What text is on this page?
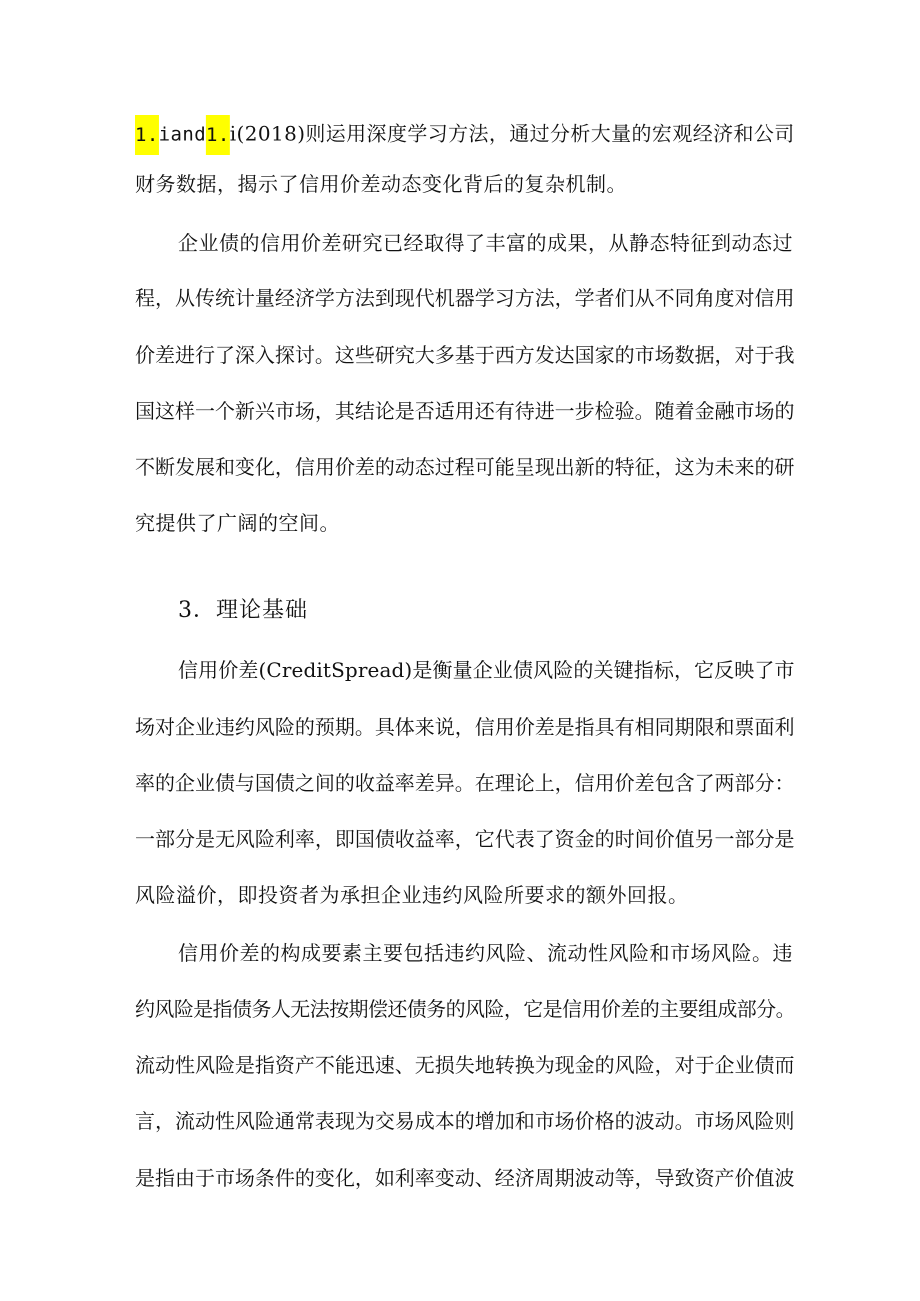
1.iand1.i(2018)则运用深度学习方法，通过分析大量的宏观经济和公司
财务数据，揭示了信用价差动态变化背后的复杂机制。
企业债的信用价差研究已经取得了丰富的成果，从静态特征到动态过
程，从传统计量经济学方法到现代机器学习方法，学者们从不同角度对信用
价差进行了深入探讨。这些研究大多基于西方发达国家的市场数据，对于我
国这样一个新兴市场，其结论是否适用还有待进一步检验。随着金融市场的
不断发展和变化，信用价差的动态过程可能呈现出新的特征，这为未来的研
究提供了广阔的空间。
3．理论基础
信用价差(CreditSpread)是衡量企业债风险的关键指标，它反映了市
场对企业违约风险的预期。具体来说，信用价差是指具有相同期限和票面利
率的企业债与国债之间的收益率差异。在理论上，信用价差包含了两部分：
一部分是无风险利率，即国债收益率，它代表了资金的时间价值另一部分是
风险溢价，即投资者为承担企业违约风险所要求的额外回报。
信用价差的构成要素主要包括违约风险、流动性风险和市场风险。违
约风险是指债务人无法按期偿还债务的风险，它是信用价差的主要组成部分。
流动性风险是指资产不能迅速、无损失地转换为现金的风险，对于企业债而
言，流动性风险通常表现为交易成本的增加和市场价格的波动。市场风险则
是指由于市场条件的变化，如利率变动、经济周期波动等，导致资产价值波
